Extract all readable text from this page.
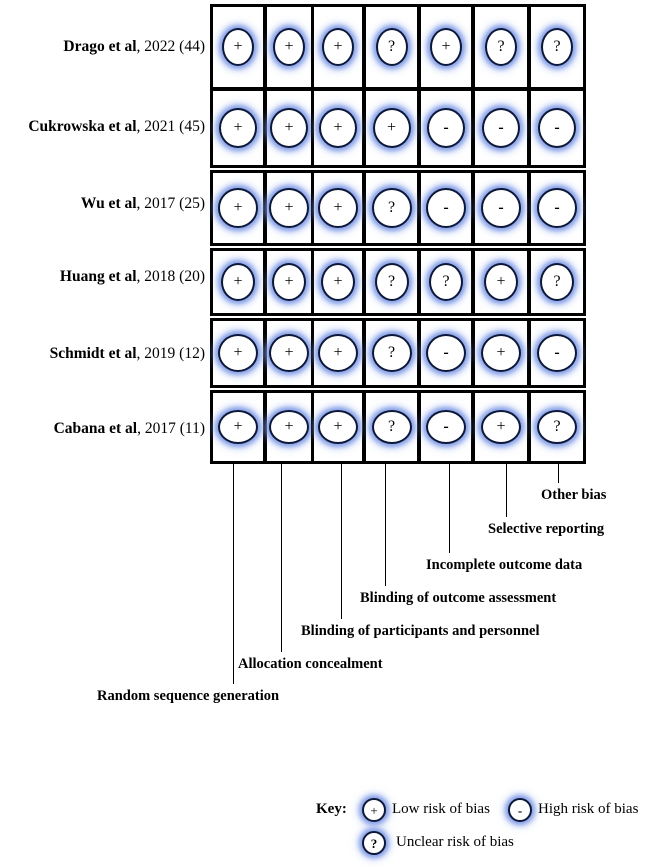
Drago et al, 2022 (44)	+	+	+	?	+	?	?
Cukrowska et al, 2021 (45)	+	+	+	+	-	-	-
Wu et al, 2017 (25)	+	+	+	?	-	-	-
Huang et al, 2018 (20)	+	+	+	?	?	+	?
Schmidt et al, 2019 (12)	+	+	+	?	-	+	-
Cabana et al, 2017 (11)	+	+	+	?	-	+	?
Random sequence generation
Allocation concealment
Blinding of participants and personnel
Blinding of outcome assessment
Incomplete outcome data
Selective reporting
Other bias
Key:	+ Low risk of bias	-	High risk of bias
?	Unclear risk of bias
